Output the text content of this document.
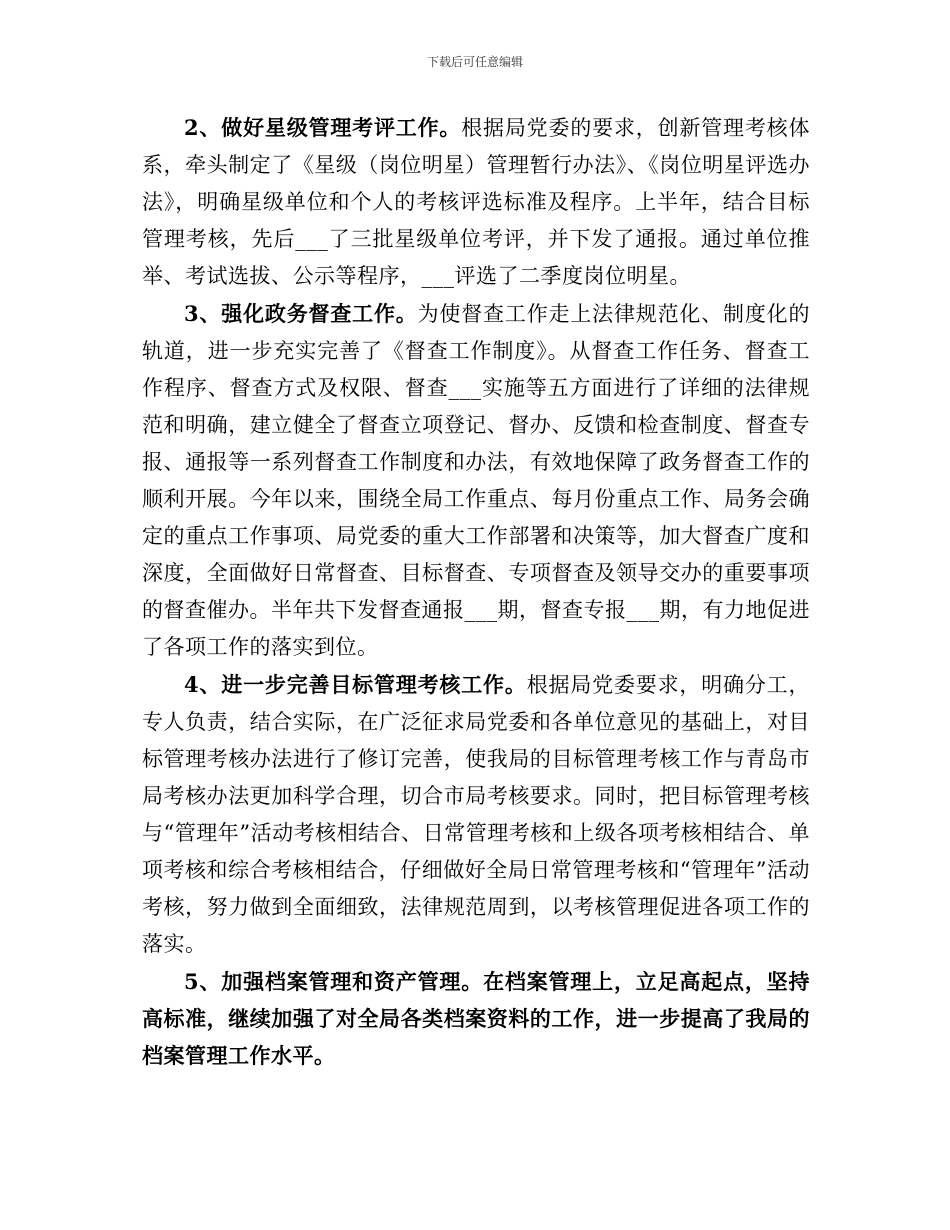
下载后可任意编辑

2、做好星级管理考评工作。根据局党委的要求，创新管理考核体系，牵头制定了《星级（岗位明星）管理暂行办法》、《岗位明星评选办法》，明确星级单位和个人的考核评选标准及程序。上半年，结合目标管理考核，先后___了三批星级单位考评，并下发了通报。通过单位推举、考试选拔、公示等程序，___评选了二季度岗位明星。

3、强化政务督查工作。为使督查工作走上法律规范化、制度化的轨道，进一步充实完善了《督查工作制度》。从督查工作任务、督查工作程序、督查方式及权限、督查___实施等五方面进行了详细的法律规范和明确，建立健全了督查立项登记、督办、反馈和检查制度、督查专报、通报等一系列督查工作制度和办法，有效地保障了政务督查工作的顺利开展。今年以来，围绕全局工作重点、每月份重点工作、局务会确定的重点工作事项、局党委的重大工作部署和决策等，加大督查广度和深度，全面做好日常督查、目标督查、专项督查及领导交办的重要事项的督查催办。半年共下发督查通报___期，督查专报___期，有力地促进了各项工作的落实到位。

4、进一步完善目标管理考核工作。根据局党委要求，明确分工，专人负责，结合实际，在广泛征求局党委和各单位意见的基础上，对目标管理考核办法进行了修订完善，使我局的目标管理考核工作与青岛市局考核办法更加科学合理，切合市局考核要求。同时，把目标管理考核与“管理年”活动考核相结合、日常管理考核和上级各项考核相结合、单项考核和综合考核相结合，仔细做好全局日常管理考核和“管理年”活动考核，努力做到全面细致，法律规范周到，以考核管理促进各项工作的落实。

5、加强档案管理和资产管理。在档案管理上，立足高起点，坚持高标准，继续加强了对全局各类档案资料的工作，进一步提高了我局的档案管理工作水平。
